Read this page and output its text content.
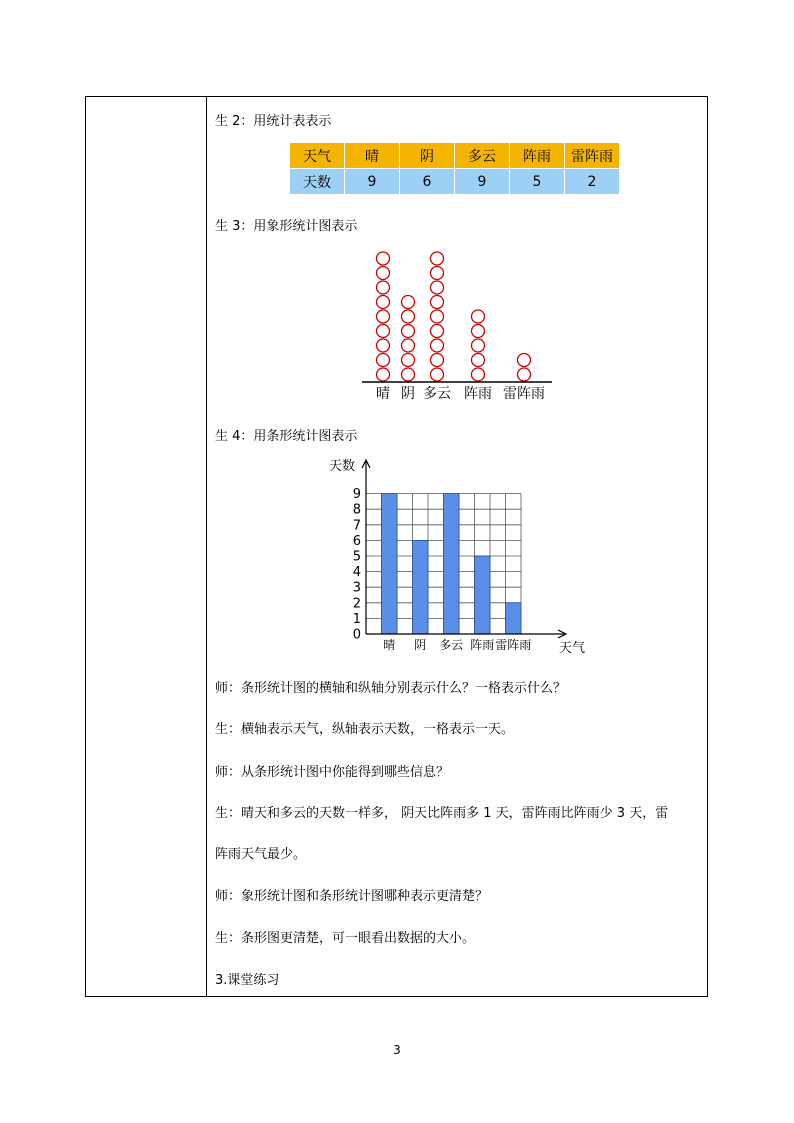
生 2：用统计表表示
天气	晴	阴	多云	阵雨	雷阵雨
天数	9	6	9	5	2
生 3：用象形统计图表示
晴 阴 多云 阵雨 雷阵雨
生 4：用条形统计图表示
晴 阴 多云 阵雨 雷阵雨
0
1
2
3
4
5
6
7
8
9
天数
天气
师：条形统计图的横轴和纵轴分别表示什么？一格表示什么？
生：横轴表示天气，纵轴表示天数，一格表示一天。
师：从条形统计图中你能得到哪些信息？
生：晴天和多云的天数一样多， 阴天比阵雨多 1 天，雷阵雨比阵雨少 3 天，雷
阵雨天气最少。
师：象形统计图和条形统计图哪种表示更清楚？
生：条形图更清楚，可一眼看出数据的大小。
3.课堂练习
3
